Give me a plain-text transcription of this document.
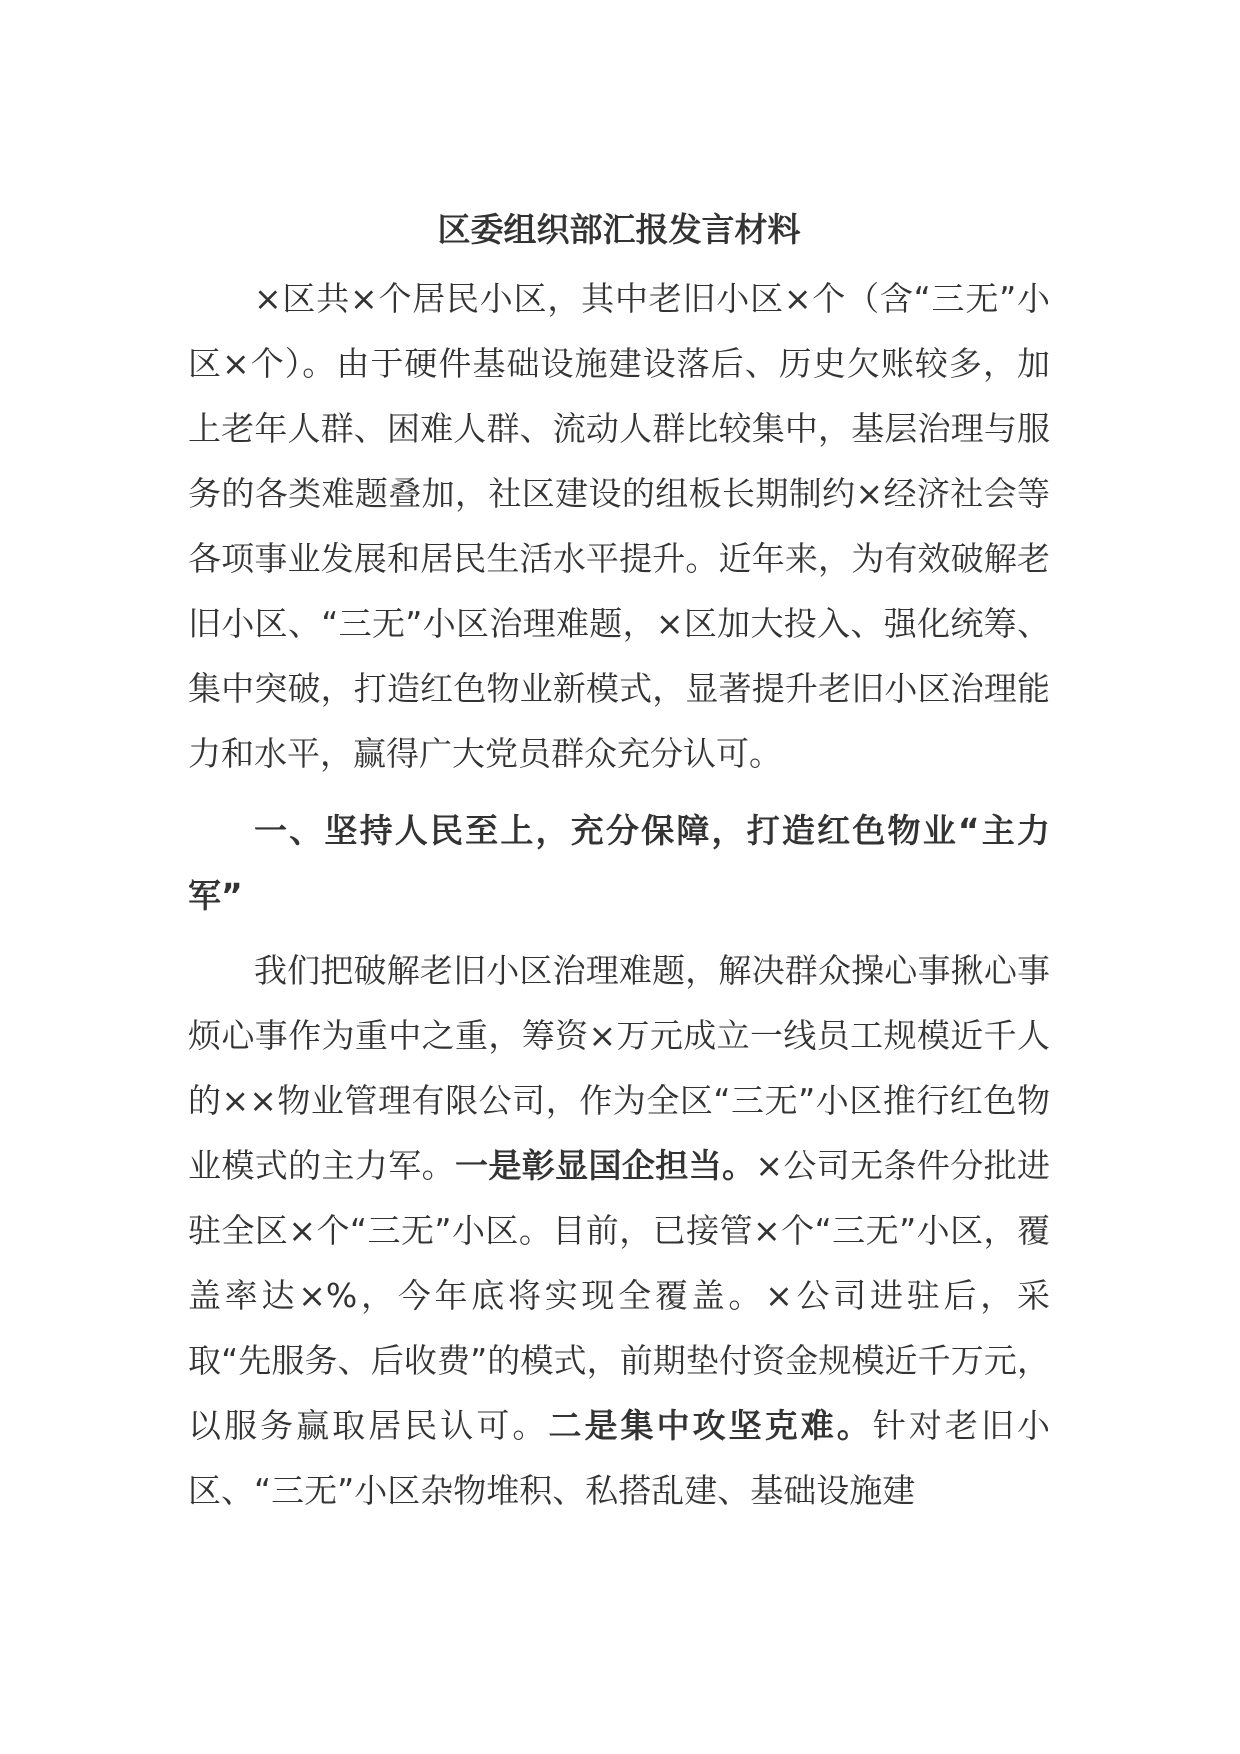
区委组织部汇报发言材料

×区共×个居民小区，其中老旧小区×个（含“三无”小区×个）。由于硬件基础设施建设落后、历史欠账较多，加上老年人群、困难人群、流动人群比较集中，基层治理与服务的各类难题叠加，社区建设的组板长期制约×经济社会等各项事业发展和居民生活水平提升。近年来，为有效破解老旧小区、“三无”小区治理难题，×区加大投入、强化统筹、集中突破，打造红色物业新模式，显著提升老旧小区治理能力和水平，赢得广大党员群众充分认可。

一、坚持人民至上，充分保障，打造红色物业“主力军”

我们把破解老旧小区治理难题，解决群众操心事揪心事烦心事作为重中之重，筹资×万元成立一线员工规模近千人的××物业管理有限公司，作为全区“三无”小区推行红色物业模式的主力军。一是彰显国企担当。×公司无条件分批进驻全区×个“三无”小区。目前，已接管×个“三无”小区，覆盖率达×%，今年底将实现全覆盖。×公司进驻后，采取“先服务、后收费”的模式，前期垫付资金规模近千万元，以服务赢取居民认可。二是集中攻坚克难。针对老旧小区、“三无”小区杂物堆积、私搭乱建、基础设施建
